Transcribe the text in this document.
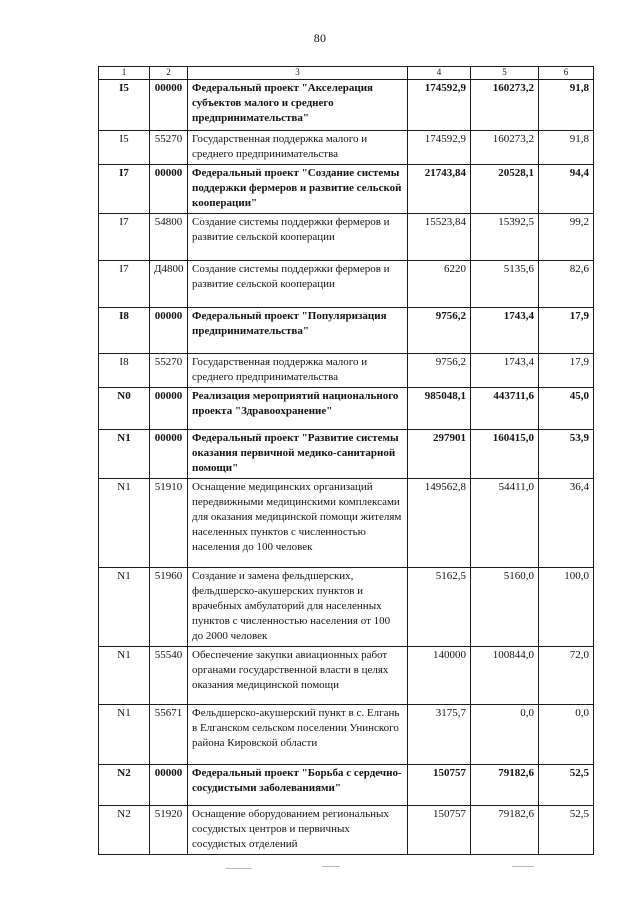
80
1	2	3	4	5	6
I5	00000	Федеральный проект "Акселерация субъектов малого и среднего предпринимательства"	174592,9	160273,2	91,8
I5	55270	Государственная поддержка малого и среднего предпринимательства	174592,9	160273,2	91,8
I7	00000	Федеральный проект "Создание системы поддержки фермеров и развитие сельской кооперации"	21743,84	20528,1	94,4
I7	54800	Создание системы поддержки фермеров и развитие сельской кооперации	15523,84	15392,5	99,2
I7	Д4800	Создание системы поддержки фермеров и развитие сельской кооперации	6220	5135,6	82,6
I8	00000	Федеральный проект "Популяризация предпринимательства"	9756,2	1743,4	17,9
I8	55270	Государственная поддержка малого и среднего предпринимательства	9756,2	1743,4	17,9
N0	00000	Реализация мероприятий национального проекта "Здравоохранение"	985048,1	443711,6	45,0
N1	00000	Федеральный проект "Развитие системы оказания первичной медико-санитарной помощи"	297901	160415,0	53,9
N1	51910	Оснащение медицинских организаций передвижными медицинскими комплексами для оказания медицинской помощи жителям населенных пунктов с численностью населения до 100 человек	149562,8	54411,0	36,4
N1	51960	Создание и замена фельдшерских, фельдшерско-акушерских пунктов и врачебных амбулаторий для населенных пунктов с численностью населения от 100 до 2000 человек	5162,5	5160,0	100,0
N1	55540	Обеспечение закупки авиационных работ органами государственной власти в целях оказания медицинской помощи	140000	100844,0	72,0
N1	55671	Фельдшерско-акушерский пункт в с. Елгань в Елганском сельском поселении Унинского района Кировской области	3175,7	0,0	0,0
N2	00000	Федеральный проект "Борьба с сердечно-сосудистыми заболеваниями"	150757	79182,6	52,5
N2	51920	Оснащение оборудованием региональных сосудистых центров и первичных сосудистых отделений	150757	79182,6	52,5
